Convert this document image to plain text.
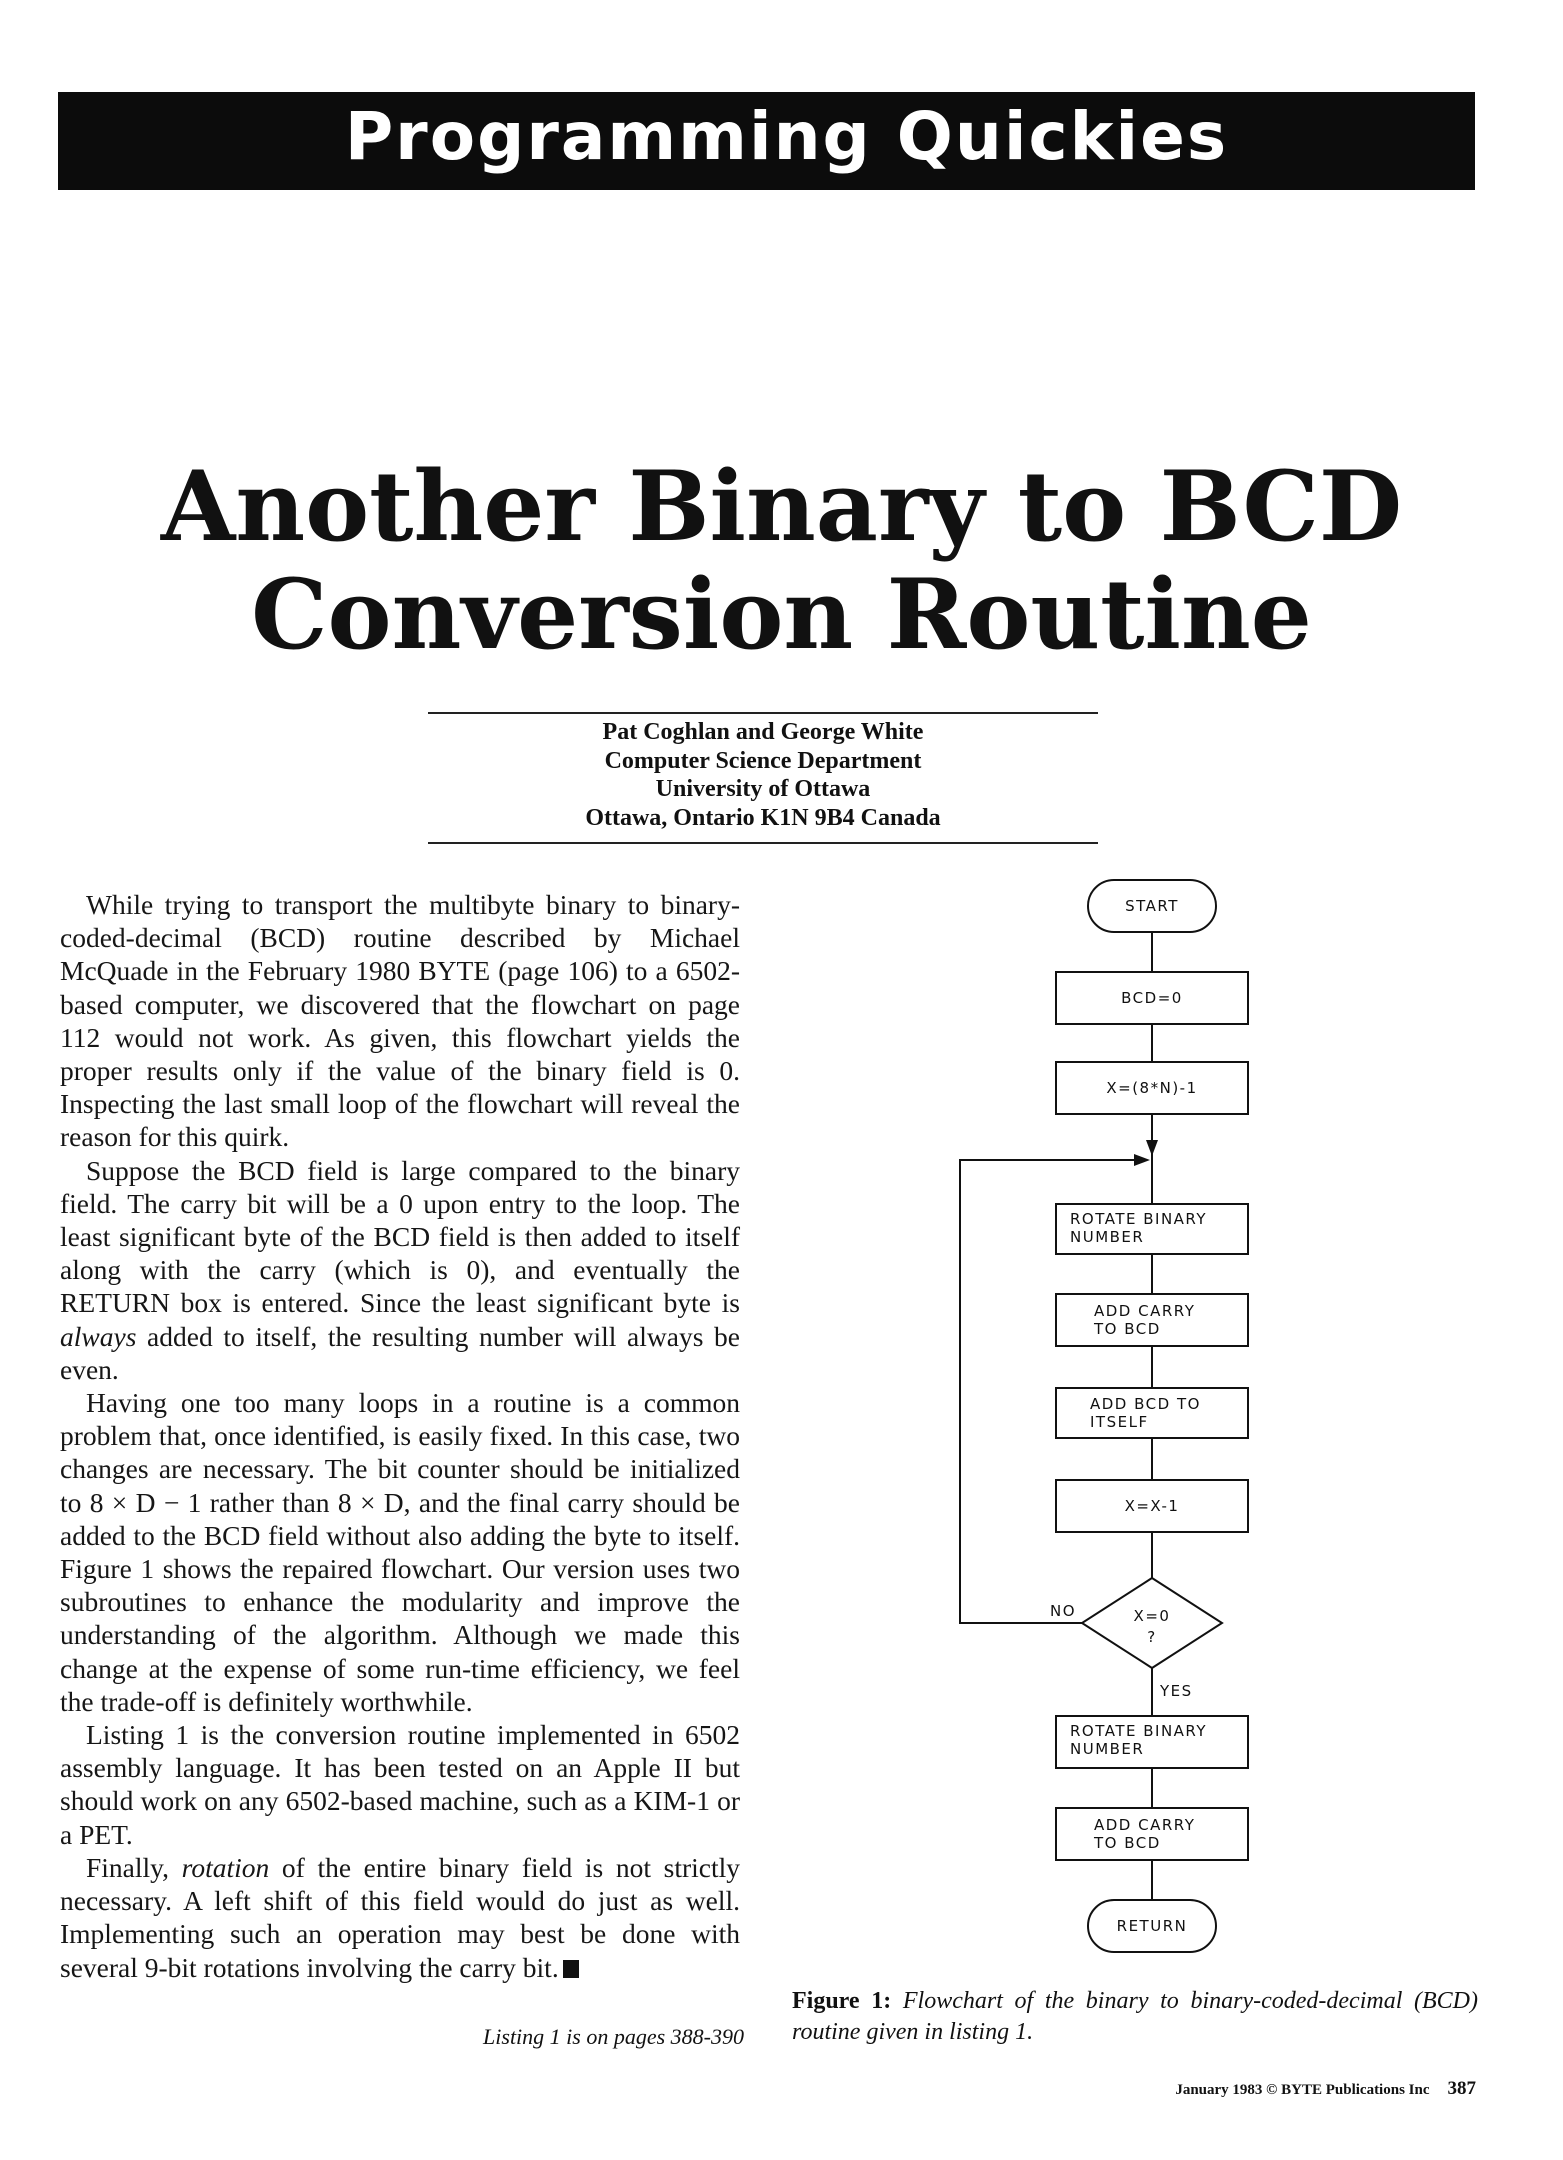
Programming Quickies
Another Binary to BCD
Conversion Routine
Pat Coghlan and George White
Computer Science Department
University of Ottawa
Ottawa, Ontario K1N 9B4 Canada

While trying to transport the multibyte binary to binary-coded-decimal (BCD) routine described by Michael McQuade in the February 1980 BYTE (page 106) to a 6502-based computer, we discovered that the flowchart on page 112 would not work. As given, this flowchart yields the proper results only if the value of the binary field is 0. Inspecting the last small loop of the flowchart will reveal the reason for this quirk.

Suppose the BCD field is large compared to the binary field. The carry bit will be a 0 upon entry to the loop. The least significant byte of the BCD field is then added to itself along with the carry (which is 0), and eventually the RETURN box is entered. Since the least significant byte is always added to itself, the resulting number will always be even.

Having one too many loops in a routine is a common problem that, once identified, is easily fixed. In this case, two changes are necessary. The bit counter should be initialized to 8 × D − 1 rather than 8 × D, and the final carry should be added to the BCD field without also adding the byte to itself. Figure 1 shows the repaired flowchart. Our version uses two subroutines to enhance the modularity and improve the understanding of the algorithm. Although we made this change at the expense of some run-time efficiency, we feel the trade-off is definitely worthwhile.

Listing 1 is the conversion routine implemented in 6502 assembly language. It has been tested on an Apple II but should work on any 6502-based machine, such as a KIM-1 or a PET.

Finally, rotation of the entire binary field is not strictly necessary. A left shift of this field would do just as well. Implementing such an operation may best be done with several 9-bit rotations involving the carry bit.

Listing 1 is on pages 388-390
START
BCD=0
X=(8*N)-1
ROTATE BINARY
NUMBER
ADD CARRY
TO BCD
ADD BCD TO
ITSELF
X=X-1
X=0
?
NO
YES
ROTATE BINARY
NUMBER
ADD CARRY
TO BCD
RETURN
Figure 1: Flowchart of the binary to binary-coded-decimal (BCD) routine given in listing 1.
January 1983 © BYTE Publications Inc 387
